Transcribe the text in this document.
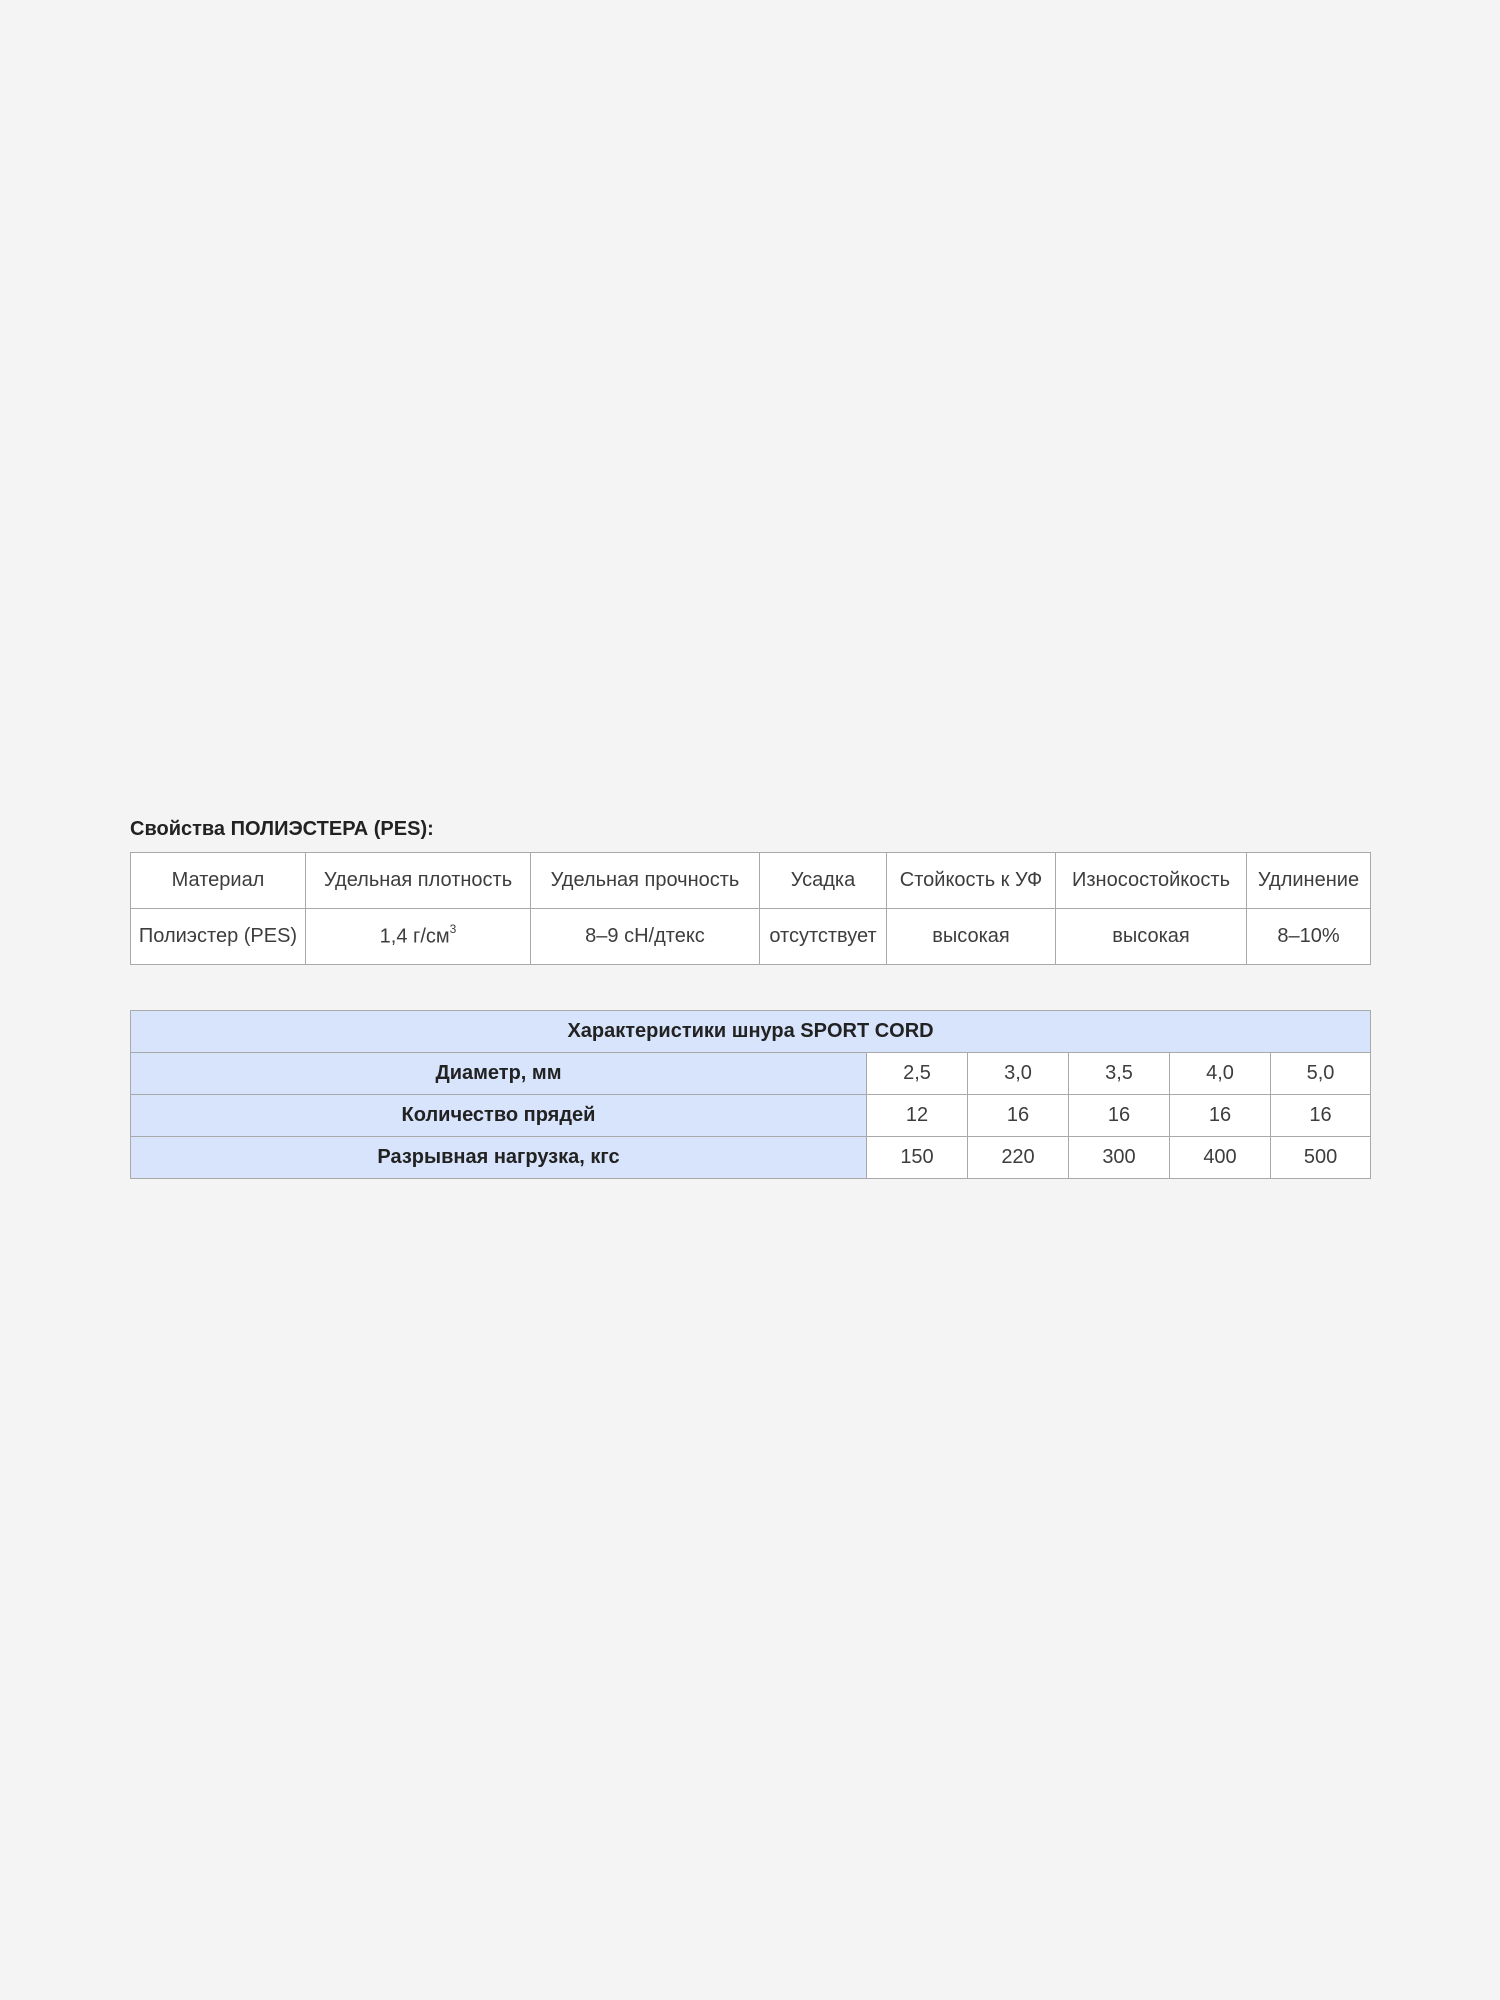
Свойства ПОЛИЭСТЕРА (PES):

Материал	Удельная плотность	Удельная прочность	Усадка	Стойкость к УФ	Износостойкость	Удлинение
Полиэстер (PES)	1,4 $г/см^3$	8–9 сН/дтекс	отсутствует	высокая	высокая	8–10%
Характеристики шнура SPORT CORD					
Диаметр, мм	2,5	3,0	3,5	4,0	5,0
Количество прядей	12	16	16	16	16
Разрывная нагрузка, кгс	150	220	300	400	500
